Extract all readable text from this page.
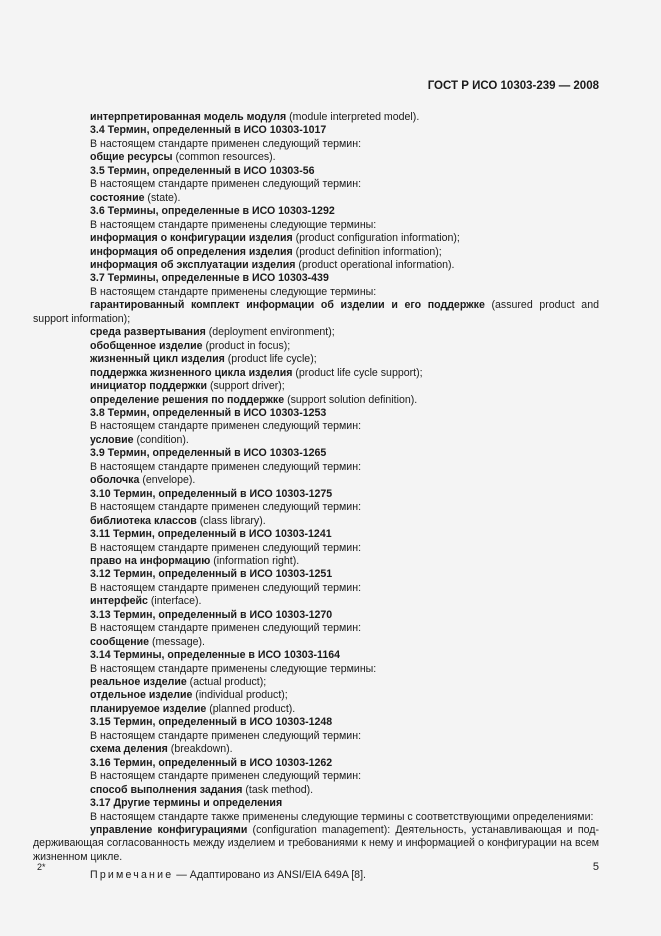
ГОСТ Р ИСО 10303-239 — 2008

интерпретированная модель модуля (module interpreted model).

3.4 Термин, определенный в ИСО 10303-1017

В настоящем стандарте применен следующий термин:

общие ресурсы (common resources).

3.5 Термин, определенный в ИСО 10303-56

В настоящем стандарте применен следующий термин:

состояние (state).

3.6 Термины, определенные в ИСО 10303-1292

В настоящем стандарте применены следующие термины:

информация о конфигурации изделия (product configuration information);

информация об определения изделия (product definition information);

информация об эксплуатации изделия (product operational information).

3.7 Термины, определенные в ИСО 10303-439

В настоящем стандарте применены следующие термины:

гарантированный комплект информации об изделии и его поддержке (assured product and support information);

среда развертывания (deployment environment);

обобщенное изделие (product in focus);

жизненный цикл изделия (product life cycle);

поддержка жизненного цикла изделия (product life cycle support);

инициатор поддержки (support driver);

определение решения по поддержке (support solution definition).

3.8 Термин, определенный в ИСО 10303-1253

В настоящем стандарте применен следующий термин:

условие (condition).

3.9 Термин, определенный в ИСО 10303-1265

В настоящем стандарте применен следующий термин:

оболочка (envelope).

3.10 Термин, определенный в ИСО 10303-1275

В настоящем стандарте применен следующий термин:

библиотека классов (class library).

3.11 Термин, определенный в ИСО 10303-1241

В настоящем стандарте применен следующий термин:

право на информацию (information right).

3.12 Термин, определенный в ИСО 10303-1251

В настоящем стандарте применен следующий термин:

интерфейс (interface).

3.13 Термин, определенный в ИСО 10303-1270

В настоящем стандарте применен следующий термин:

сообщение (message).

3.14 Термины, определенные в ИСО 10303-1164

В настоящем стандарте применены следующие термины:

реальное изделие (actual product);

отдельное изделие (individual product);

планируемое изделие (planned product).

3.15 Термин, определенный в ИСО 10303-1248

В настоящем стандарте применен следующий термин:

схема деления (breakdown).

3.16 Термин, определенный в ИСО 10303-1262

В настоящем стандарте применен следующий термин:

способ выполнения задания (task method).

3.17 Другие термины и определения

В настоящем стандарте также применены следующие термины с соответствующими определениями:

управление конфигурациями (configuration management): Деятельность, устанавливающая и под-держивающая согласованность между изделием и требованиями к нему и информацией о конфигурации на всем жизненном цикле.

Примечание — Адаптировано из ANSI/EIA 649A [8].

2*	5
